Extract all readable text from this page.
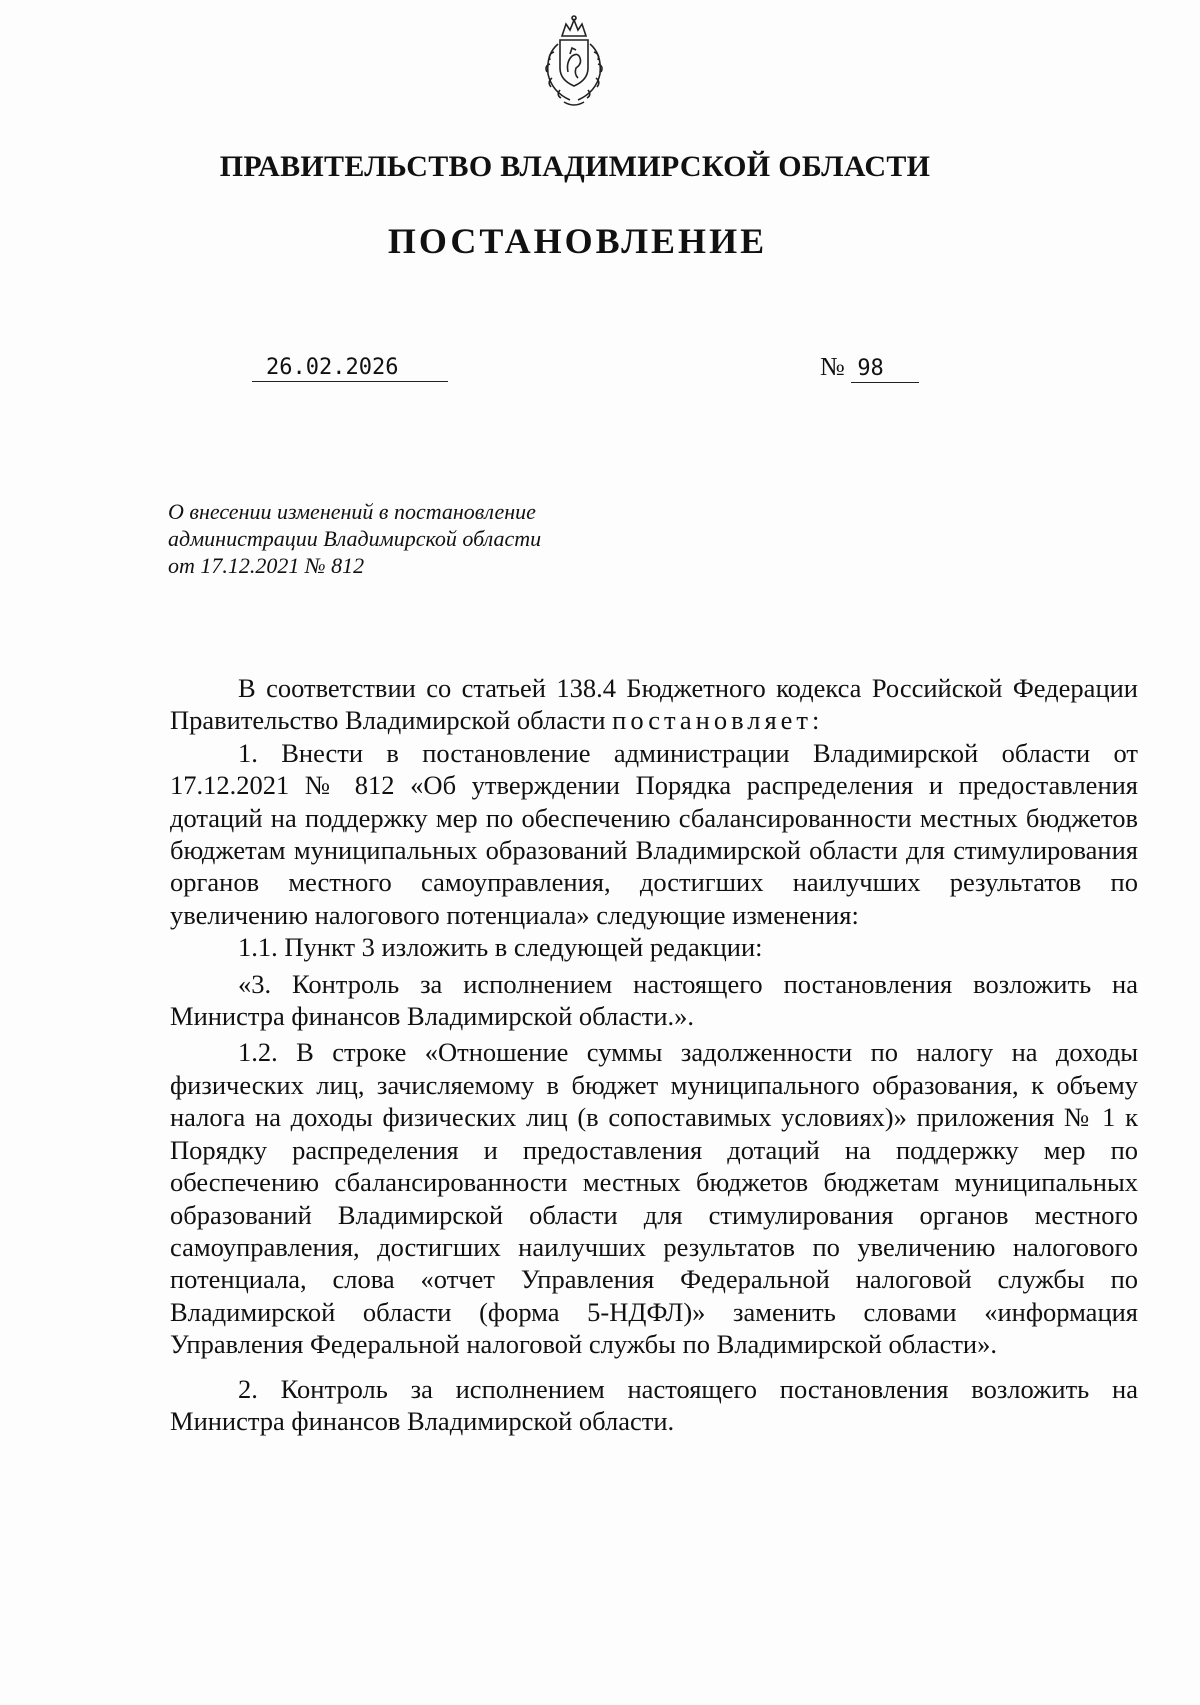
ПРАВИТЕЛЬСТВО ВЛАДИМИРСКОЙ ОБЛАСТИ
ПОСТАНОВЛЕНИЕ
26.02.2026	№ 98
О внесении изменений в постановление
администрации Владимирской области
от 17.12.2021 № 812

В соответствии со статьей 138.4 Бюджетного кодекса Российской Федерации Правительство Владимирской области постановляет:

1. Внести в постановление администрации Владимирской области от 17.12.2021 № 812 «Об утверждении Порядка распределения и предоставления дотаций на поддержку мер по обеспечению сбалансированности местных бюджетов бюджетам муниципальных образований Владимирской области для стимулирования органов местного самоуправления, достигших наилучших результатов по увеличению налогового потенциала» следующие изменения:

1.1. Пункт 3 изложить в следующей редакции:

«3. Контроль за исполнением настоящего постановления возложить на Министра финансов Владимирской области.».

1.2. В строке «Отношение суммы задолженности по налогу на доходы физических лиц, зачисляемому в бюджет муниципального образования, к объему налога на доходы физических лиц (в сопоставимых условиях)» приложения № 1 к Порядку распределения и предоставления дотаций на поддержку мер по обеспечению сбалансированности местных бюджетов бюджетам муниципальных образований Владимирской области для стимулирования органов местного самоуправления, достигших наилучших результатов по увеличению налогового потенциала, слова «отчет Управления Федеральной налоговой службы по Владимирской области (форма 5-НДФЛ)» заменить словами «информация Управления Федеральной налоговой службы по Владимирской области».

2. Контроль за исполнением настоящего постановления возложить на Министра финансов Владимирской области.
